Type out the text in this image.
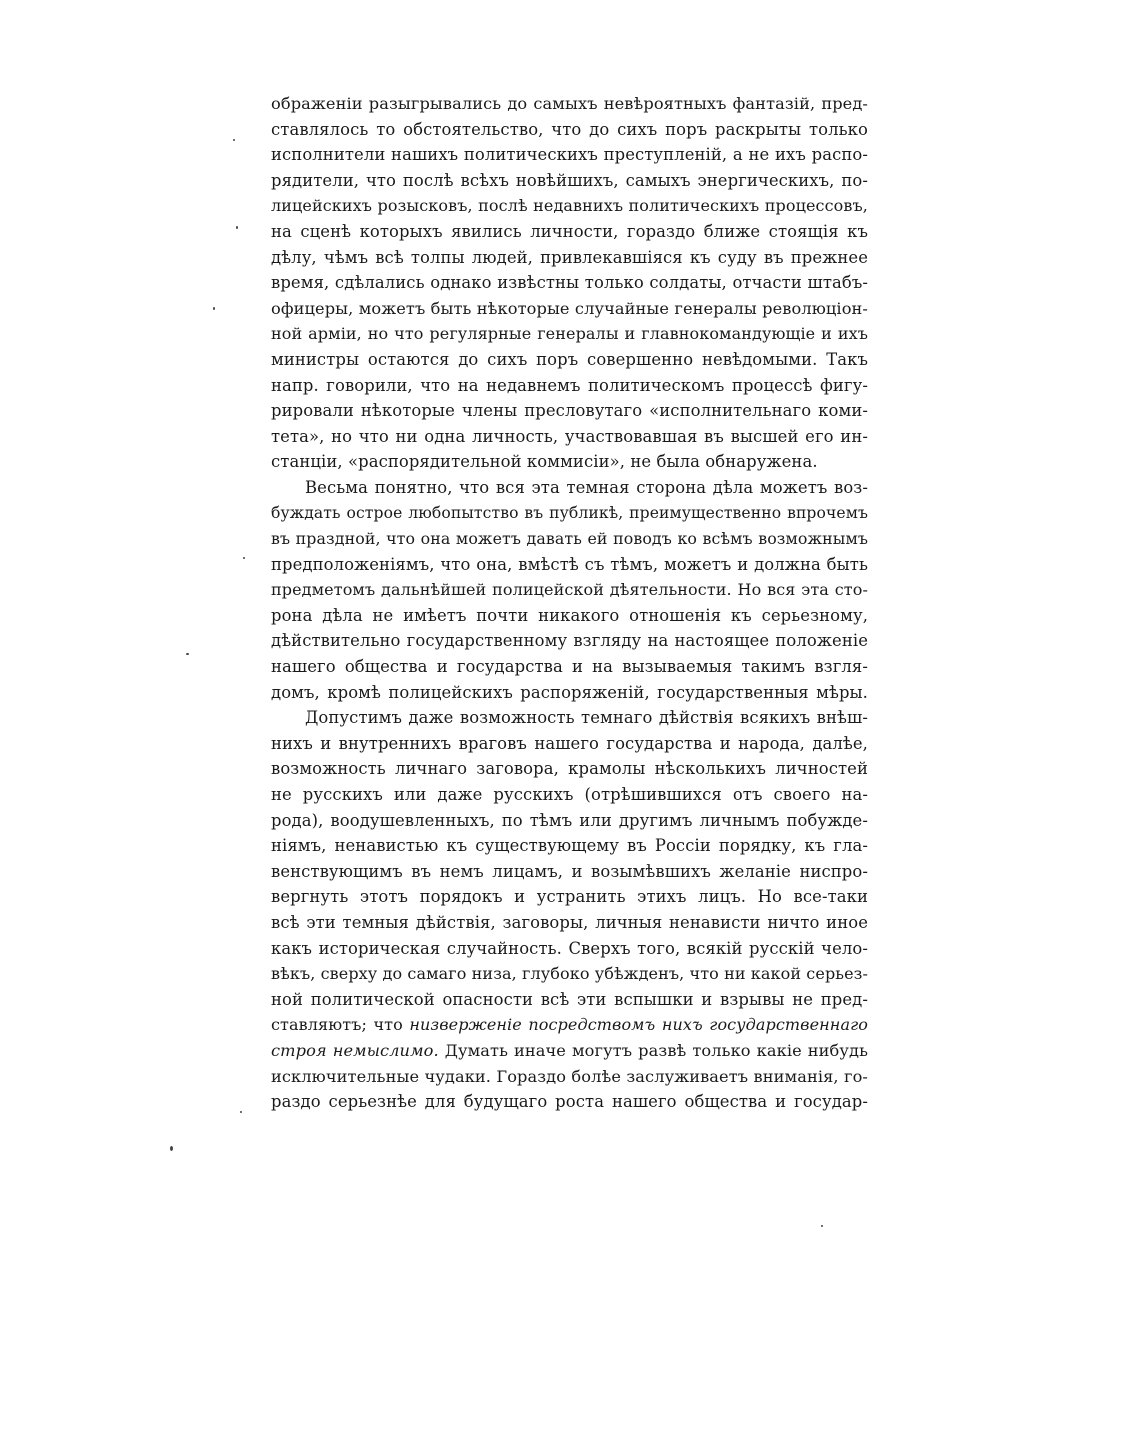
ображенiи разыгрывались до самыхъ невѣроятныхъ фантазiй, пред-
ставлялось то обстоятельство, что до сихъ поръ раскрыты только
исполнители нашихъ политическихъ преступленiй, а не ихъ распо-
рядители, что послѣ всѣхъ новѣйшихъ, самыхъ энергическихъ, по-
лицейскихъ розысковъ, послѣ недавнихъ политическихъ процессовъ,
на сценѣ которыхъ явились личности, гораздо ближе стоящiя къ
дѣлу, чѣмъ всѣ толпы людей, привлекавшiяся къ суду въ прежнее
время, сдѣлались однако извѣстны только солдаты, отчасти штабъ-
офицеры, можетъ быть нѣкоторые случайные генералы революцiон-
ной армiи, но что регулярные генералы и главнокомандующiе и ихъ
министры остаются до сихъ поръ совершенно невѣдомыми. Такъ
напр. говорили, что на недавнемъ политическомъ процессѣ фигу-
рировали нѣкоторые члены пресловутаго «исполнительнаго коми-
тета», но что ни одна личность, участвовавшая въ высшей его ин-
станцiи, «распорядительной коммисiи», не была обнаружена.
Весьма понятно, что вся эта темная сторона дѣла можетъ воз-
буждать острое любопытство въ публикѣ, преимущественно впрочемъ
въ праздной, что она можетъ давать ей поводъ ко всѣмъ возможнымъ
предположенiямъ, что она, вмѣстѣ съ тѣмъ, можетъ и должна быть
предметомъ дальнѣйшей полицейской дѣятельности. Но вся эта сто-
рона дѣла не имѣетъ почти никакого отношенiя къ серьезному,
дѣйствительно государственному взгляду на настоящее положенiе
нашего общества и государства и на вызываемыя такимъ взгля-
домъ, кромѣ полицейскихъ распоряженiй, государственныя мѣры.
Допустимъ даже возможность темнаго дѣйствiя всякихъ внѣш-
нихъ и внутреннихъ враговъ нашего государства и народа, далѣе,
возможность личнаго заговора, крамолы нѣсколькихъ личностей
не русскихъ или даже русскихъ (отрѣшившихся отъ своего на-
рода), воодушевленныхъ, по тѣмъ или другимъ личнымъ побужде-
нiямъ, ненавистью къ существующему въ Россiи порядку, къ гла-
венствующимъ въ немъ лицамъ, и возымѣвшихъ желанiе ниспро-
вергнуть этотъ порядокъ и устранить этихъ лицъ. Но все-таки
всѣ эти темныя дѣйствiя, заговоры, личныя ненависти ничто иное
какъ историческая случайность. Сверхъ того, всякiй русскiй чело-
вѣкъ, сверху до самаго низа, глубоко убѣжденъ, что ни какой серьез-
ной политической опасности всѣ эти вспышки и взрывы не пред-
ставляютъ; что низверженiе посредствомъ нихъ государственнаго
строя немыслимо. Думать иначе могутъ развѣ только какiе нибудь
исключительные чудаки. Гораздо болѣе заслуживаетъ вниманiя, го-
раздо серьезнѣе для будущаго роста нашего общества и государ-
